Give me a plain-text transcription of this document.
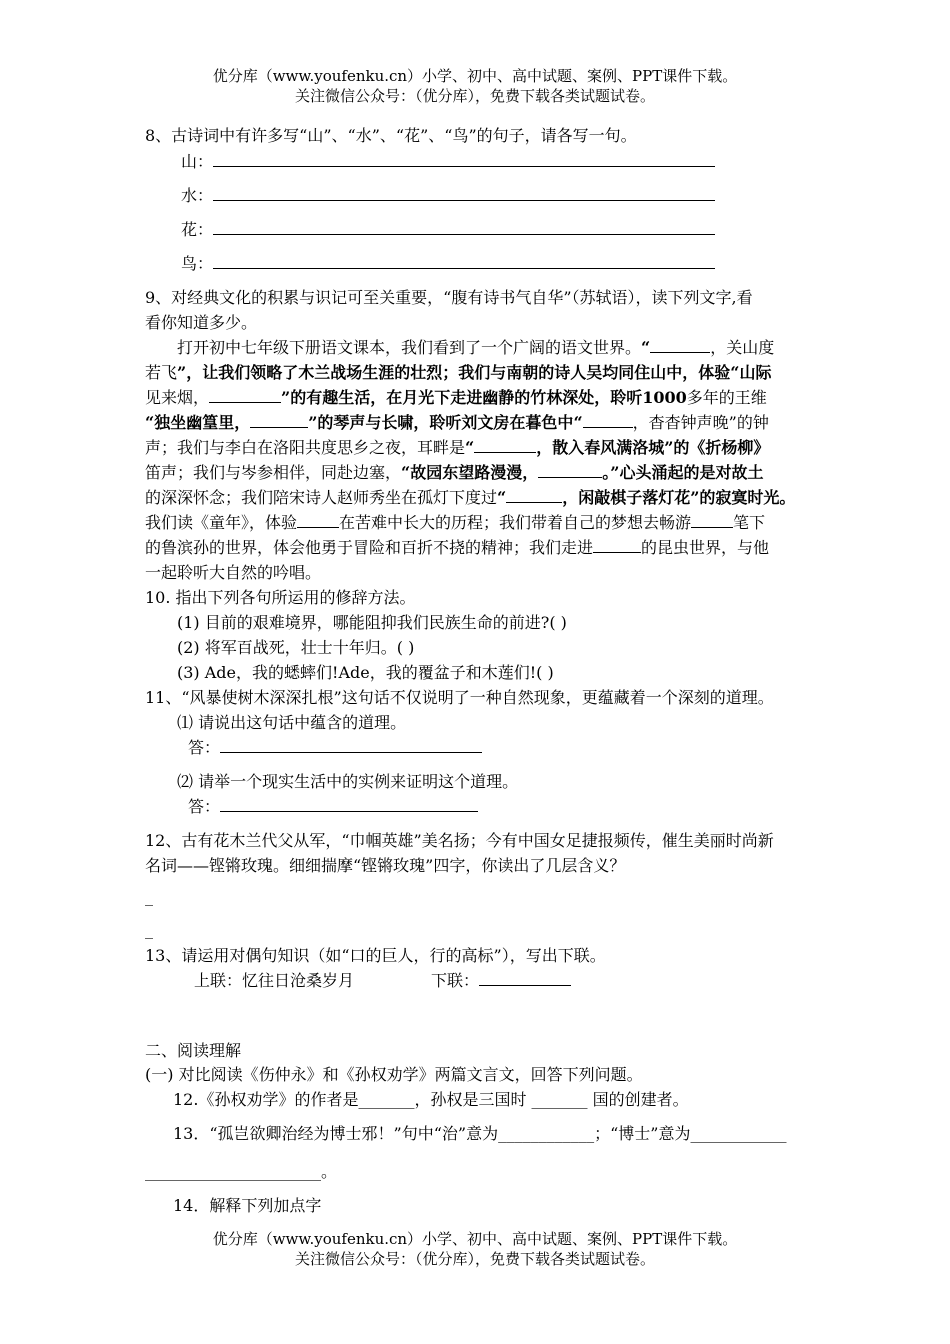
优分库（www.youfenku.cn）小学、初中、高中试题、案例、PPT课件下载。
关注微信公众号：（优分库），免费下载各类试题试卷。
8、古诗词中有许多写“山”、“水”、“花”、“鸟”的句子，请各写一句。
山：
水：
花：
鸟：
9、对经典文化的积累与识记可至关重要，“腹有诗书气自华”（苏轼语），读下列文字,看
看你知道多少。
打开初中七年级下册语文课本，我们看到了一个广阔的语文世界。“	，关山度
若飞”，让我们领略了木兰战场生涯的壮烈；我们与南朝的诗人吴均同住山中，体验“山际
见来烟，	”的有趣生活，在月光下走进幽静的竹林深处，聆听1000多年的王维
“独坐幽篁里，	”的琴声与长啸，聆听刘文房在暮色中“	，杳杳钟声晚”的钟
声；我们与李白在洛阳共度思乡之夜，耳畔是“	，散入春风满洛城”的《折杨柳》
笛声；我们与岑参相伴，同赴边塞，“故园东望路漫漫，	。”心头涌起的是对故土
的深深怀念；我们陪宋诗人赵师秀坐在孤灯下度过“	，闲敲棋子落灯花”的寂寞时光。
我们读《童年》，体验	在苦难中长大的历程；我们带着自己的梦想去畅游	笔下
的鲁滨孙的世界，体会他勇于冒险和百折不挠的精神；我们走进	的昆虫世界，与他
一起聆听大自然的吟唱。
10. 指出下列各句所运用的修辞方法。
(1) 目前的艰难境界，哪能阻抑我们民族生命的前进?( )
(2) 将军百战死，壮士十年归。( )
(3) Ade，我的蟋蟀们!Ade，我的覆盆子和木莲们!( )
11、“风暴使树木深深扎根”这句话不仅说明了一种自然现象，更蕴藏着一个深刻的道理。
⑴ 请说出这句话中蕴含的道理。
答：
⑵ 请举一个现实生活中的实例来证明这个道理。
答：
12、古有花木兰代父从军，“巾帼英雄”美名扬；今有中国女足捷报频传，催生美丽时尚新
名词——铿锵玫瑰。细细揣摩“铿锵玫瑰”四字，你读出了几层含义？
_
_
13、请运用对偶句知识（如“口的巨人，行的高标”），写出下联。
上联：忆往日沧桑岁月	下联：
二、阅读理解
(一) 对比阅读《伤仲永》和《孙权劝学》两篇文言文，回答下列问题。
12.《孙权劝学》的作者是_______，孙权是三国时 _______ 国的创建者。
13．“孤岂欲卿治经为博士邪！”句中“治”意为____________；“博士”意为____________
______________________。
14．解释下列加点字
优分库（www.youfenku.cn）小学、初中、高中试题、案例、PPT课件下载。
关注微信公众号：（优分库），免费下载各类试题试卷。
